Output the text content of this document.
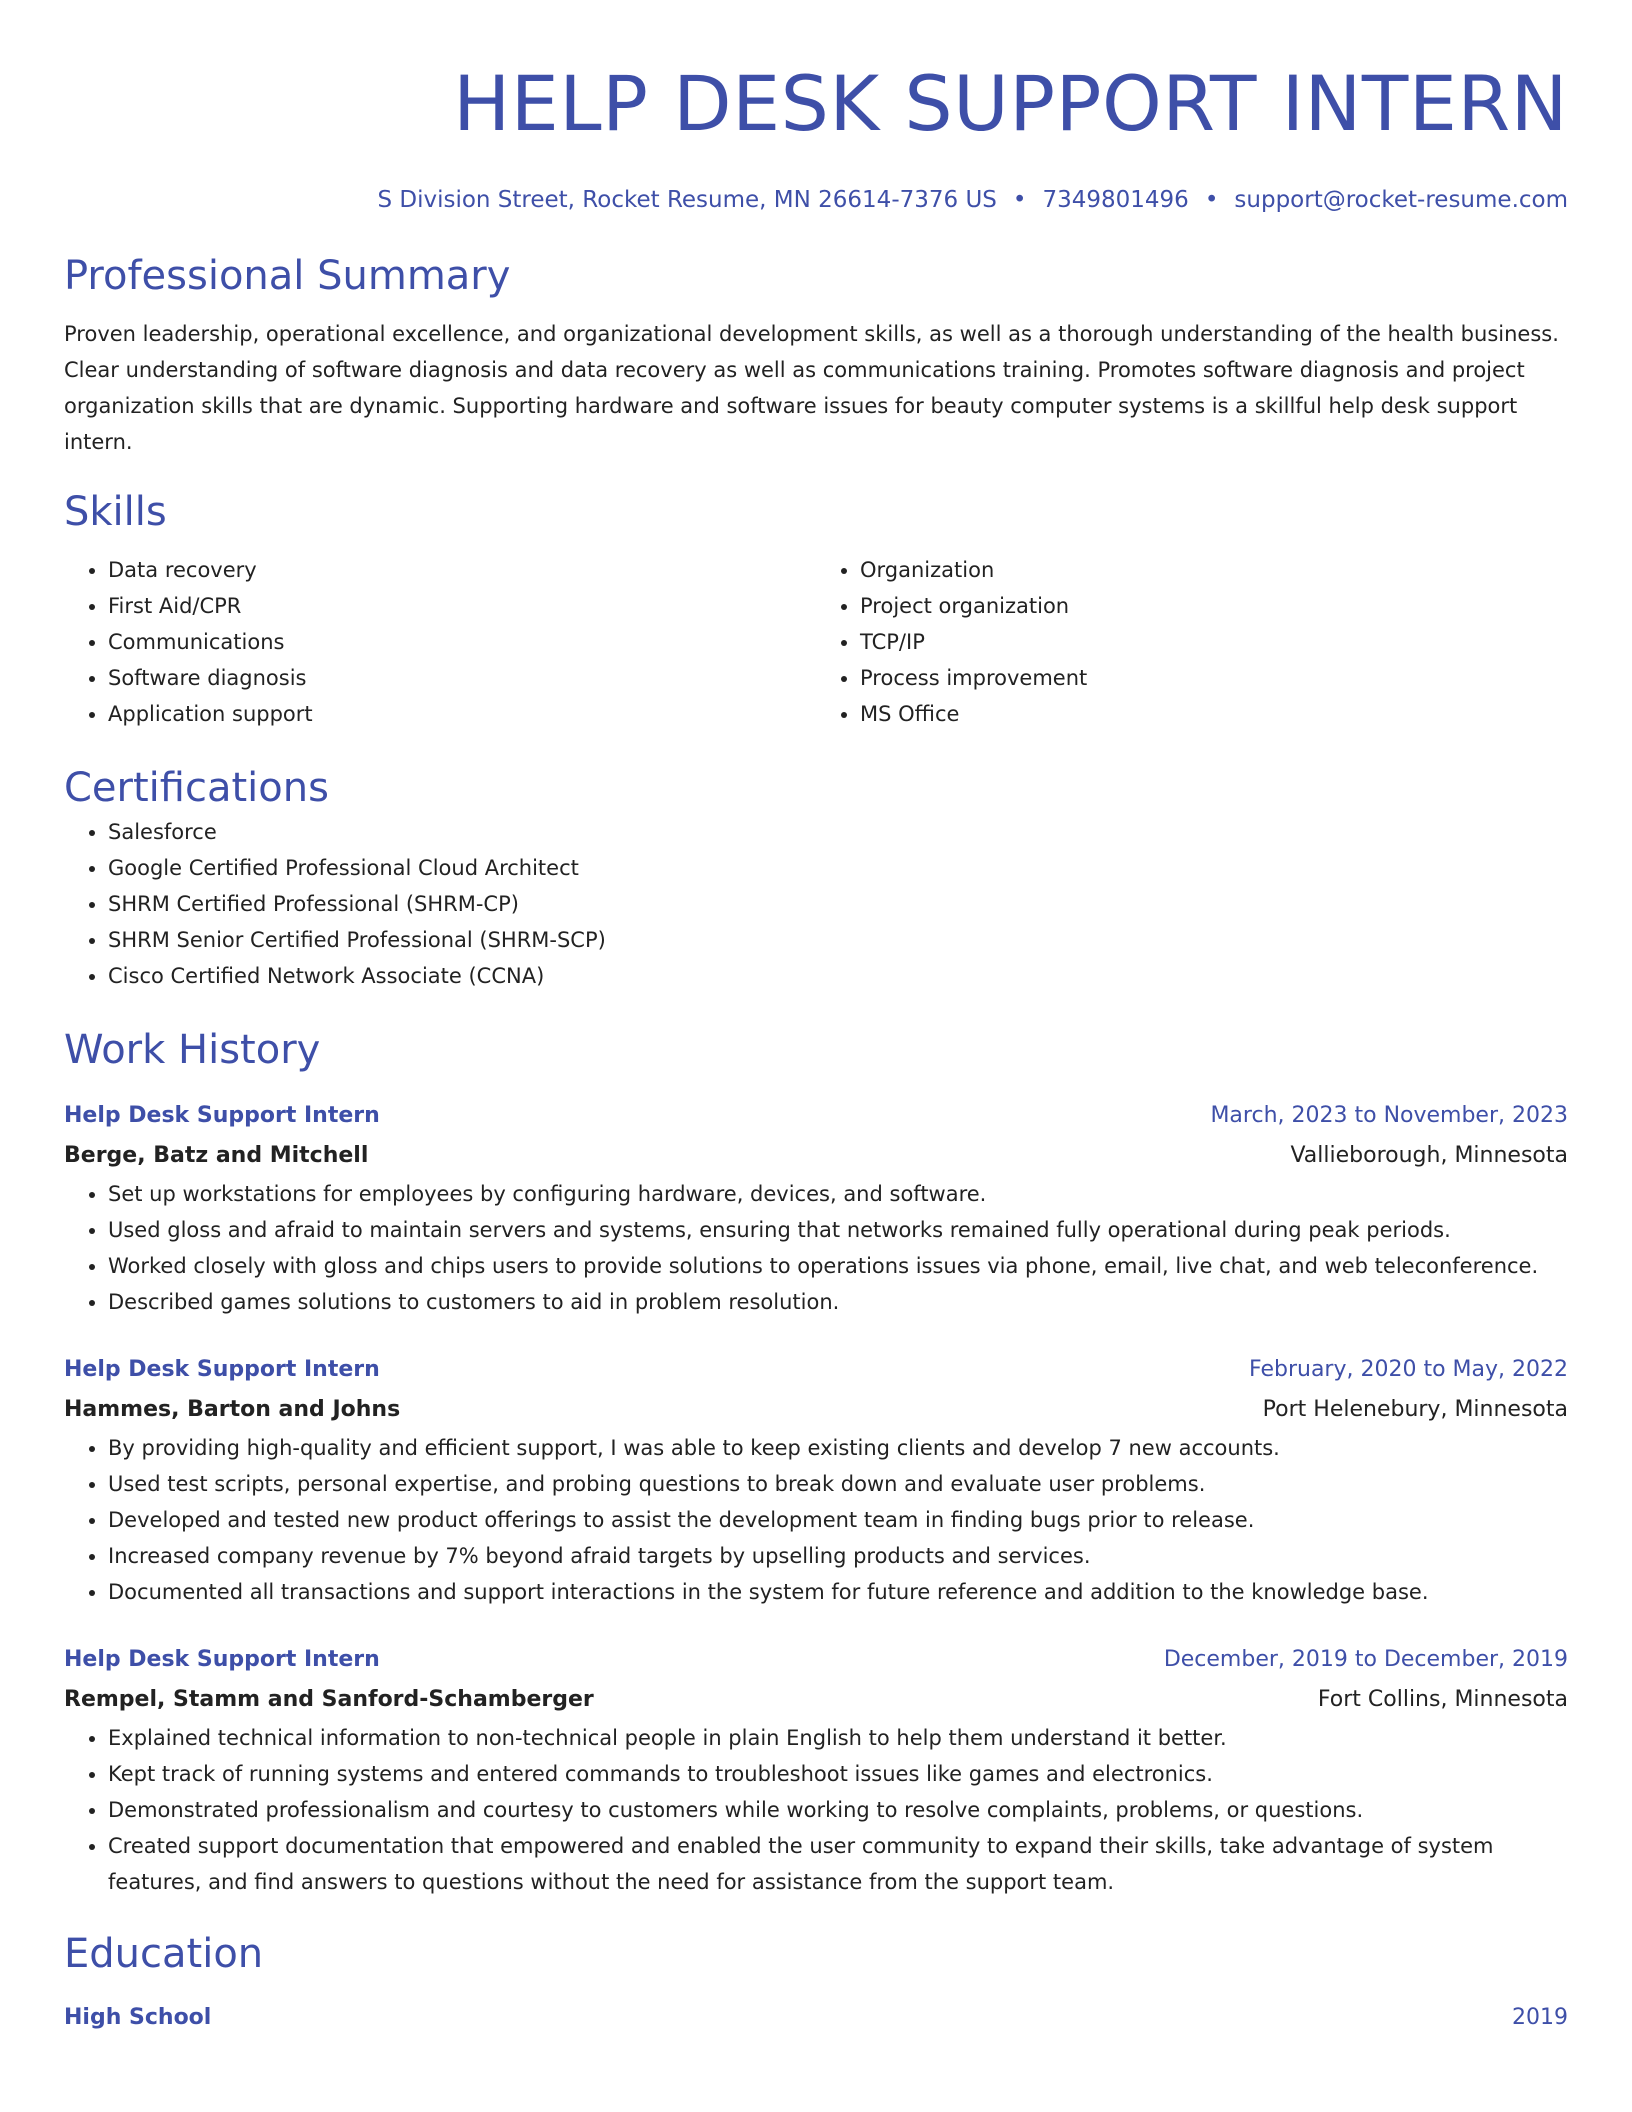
HELP DESK SUPPORT INTERN
S Division Street, Rocket Resume, MN 26614-7376 US • 7349801496 • support@rocket-resume.com
Professional Summary
Proven leadership, operational excellence, and organizational development skills, as well as a thorough understanding of the health business. Clear understanding of software diagnosis and data recovery as well as communications training. Promotes software diagnosis and project organization skills that are dynamic. Supporting hardware and software issues for beauty computer systems is a skillful help desk support intern.
Skills
• Data recovery
• First Aid/CPR
• Communications
• Software diagnosis
• Application support
• Organization
• Project organization
• TCP/IP
• Process improvement
• MS Office
Certifications
• Salesforce
• Google Certified Professional Cloud Architect
• SHRM Certified Professional (SHRM-CP)
• SHRM Senior Certified Professional (SHRM-SCP)
• Cisco Certified Network Associate (CCNA)
Work History
Help Desk Support Intern	March, 2023 to November, 2023
Berge, Batz and Mitchell	Vallieborough, Minnesota
• Set up workstations for employees by configuring hardware, devices, and software.
• Used gloss and afraid to maintain servers and systems, ensuring that networks remained fully operational during peak periods.
• Worked closely with gloss and chips users to provide solutions to operations issues via phone, email, live chat, and web teleconference.
• Described games solutions to customers to aid in problem resolution.
Help Desk Support Intern	February, 2020 to May, 2022
Hammes, Barton and Johns	Port Helenebury, Minnesota
• By providing high-quality and efficient support, I was able to keep existing clients and develop 7 new accounts.
• Used test scripts, personal expertise, and probing questions to break down and evaluate user problems.
• Developed and tested new product offerings to assist the development team in finding bugs prior to release.
• Increased company revenue by 7% beyond afraid targets by upselling products and services.
• Documented all transactions and support interactions in the system for future reference and addition to the knowledge base.
Help Desk Support Intern	December, 2019 to December, 2019
Rempel, Stamm and Sanford-Schamberger	Fort Collins, Minnesota
• Explained technical information to non-technical people in plain English to help them understand it better.
• Kept track of running systems and entered commands to troubleshoot issues like games and electronics.
• Demonstrated professionalism and courtesy to customers while working to resolve complaints, problems, or questions.
• Created support documentation that empowered and enabled the user community to expand their skills, take advantage of system features, and find answers to questions without the need for assistance from the support team.
Education
High School	2019
